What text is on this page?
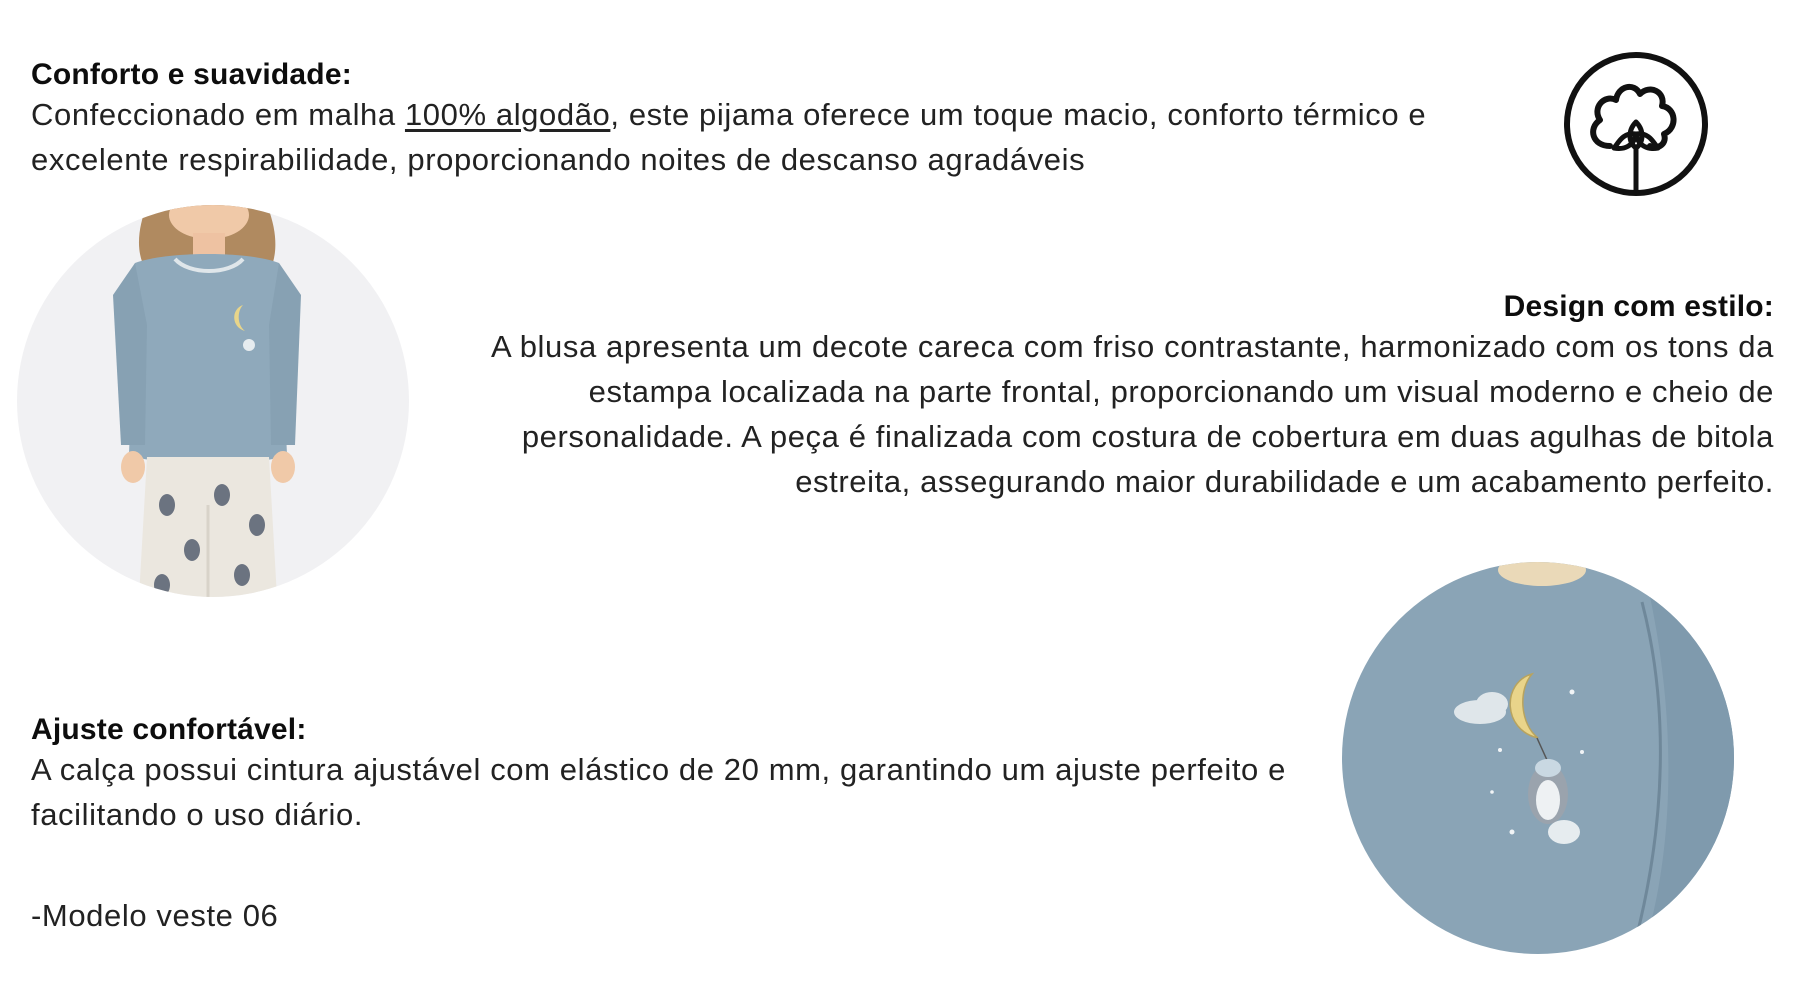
Conforto e suavidade:
Confeccionado em malha 100% algodão, este pijama oferece um toque macio, conforto térmico e excelente respirabilidade, proporcionando noites de descanso agradáveis
Design com estilo:
A blusa apresenta um decote careca com friso contrastante, harmonizado com os tons da estampa localizada na parte frontal, proporcionando um visual moderno e cheio de personalidade. A peça é finalizada com costura de cobertura em duas agulhas de bitola estreita, assegurando maior durabilidade e um acabamento perfeito.
Ajuste confortável:
A calça possui cintura ajustável com elástico de 20 mm, garantindo um ajuste perfeito e facilitando o uso diário.
-Modelo veste 06
